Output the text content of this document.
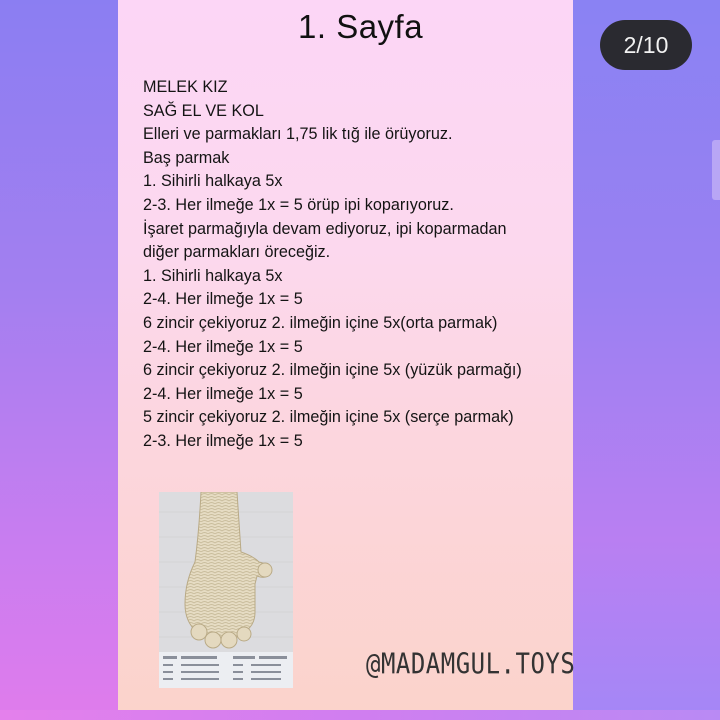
1. Sayfa	2/10
MELEK KIZ
SAĞ EL VE KOL
Elleri ve parmakları 1,75 lik tığ ile örüyoruz.
Baş parmak
1. Sihirli halkaya 5x
2-3. Her ilmeğe 1x = 5 örüp ipi koparıyoruz.
İşaret parmağıyla devam ediyoruz, ipi koparmadan
diğer parmakları öreceğiz.
1. Sihirli halkaya 5x
2-4. Her ilmeğe 1x = 5
6 zincir çekiyoruz 2. ilmeğin içine 5x(orta parmak)
2-4. Her ilmeğe 1x = 5
6 zincir çekiyoruz 2. ilmeğin içine 5x (yüzük parmağı)
2-4. Her ilmeğe 1x = 5
5 zincir çekiyoruz 2. ilmeğin içine 5x (serçe parmak)
2-3. Her ilmeğe 1x = 5
@MADAMGUL.TOYS
